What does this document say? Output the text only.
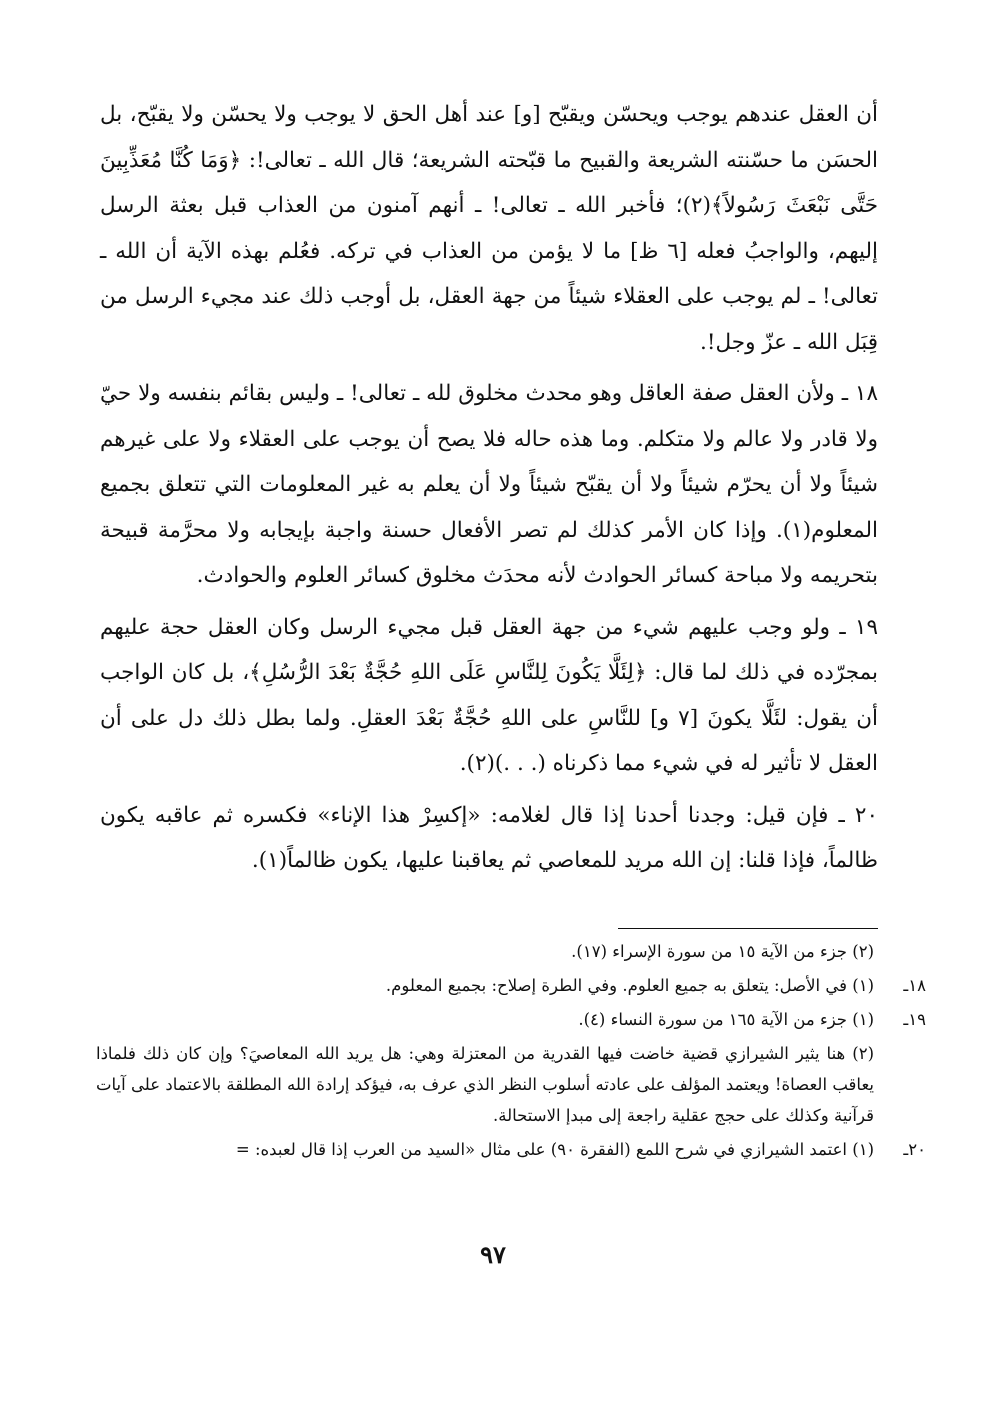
أن العقل عندهم يوجب ويحسّن ويقبّح [و] عند أهل الحق لا يوجب ولا يحسّن ولا يقبّح، بل الحسَن ما حسّنته الشريعة والقبيح ما قبّحته الشريعة؛ قال الله ـ تعالى!: ﴿وَمَا كُنَّا مُعَذِّبِينَ حَتَّى نَبْعَثَ رَسُولاً﴾(٢)؛ فأخبر الله ـ تعالى! ـ أنهم آمنون من العذاب قبل بعثة الرسل إليهم، والواجبُ فعله [٦ ظ] ما لا يؤمن من العذاب في تركه. فعُلم بهذه الآية أن الله ـ تعالى! ـ لم يوجب على العقلاء شيئاً من جهة العقل، بل أوجب ذلك عند مجيء الرسل من قِبَل الله ـ عزّ وجل!.

١٨ ـ ولأن العقل صفة العاقل وهو محدث مخلوق لله ـ تعالى! ـ وليس بقائم بنفسه ولا حيّ ولا قادر ولا عالم ولا متكلم. وما هذه حاله فلا يصح أن يوجب على العقلاء ولا على غيرهم شيئاً ولا أن يحرّم شيئاً ولا أن يقبّح شيئاً ولا أن يعلم به غير المعلومات التي تتعلق بجميع المعلوم(١). وإذا كان الأمر كذلك لم تصر الأفعال حسنة واجبة بإيجابه ولا محرَّمة قبيحة بتحريمه ولا مباحة كسائر الحوادث لأنه محدَث مخلوق كسائر العلوم والحوادث.

١٩ ـ ولو وجب عليهم شيء من جهة العقل قبل مجيء الرسل وكان العقل حجة عليهم بمجرّده في ذلك لما قال: ﴿لِئَلَّا يَكُونَ لِلنَّاسِ عَلَى اللهِ حُجَّةٌ بَعْدَ الرُّسُلِ﴾، بل كان الواجب أن يقول: لئَلَّا يكونَ [٧ و] للنَّاسِ على اللهِ حُجَّةٌ بَعْدَ العقلِ. ولما بطل ذلك دل على أن العقل لا تأثير له في شيء مما ذكرناه (. . .)(٢).

٢٠ ـ فإن قيل: وجدنا أحدنا إذا قال لغلامه: «إكسِرْ هذا الإناء» فكسره ثم عاقبه يكون ظالماً، فإذا قلنا: إن الله مريد للمعاصي ثم يعاقبنا عليها، يكون ظالماً(١).

(٢) جزء من الآية ١٥ من سورة الإسراء (١٧).
١٨ـ
(١) في الأصل: يتعلق به جميع العلوم. وفي الطرة إصلاح: بجميع المعلوم.
١٩ـ
(١) جزء من الآية ١٦٥ من سورة النساء (٤).
(٢) هنا يثير الشيرازي قضية خاضت فيها القدرية من المعتزلة وهي: هل يريد الله المعاصيَ؟ وإن كان ذلك فلماذا يعاقب العصاة! ويعتمد المؤلف على عادته أسلوب النظر الذي عرف به، فيؤكد إرادة الله المطلقة بالاعتماد على آيات قرآنية وكذلك على حجج عقلية راجعة إلى مبدإ الاستحالة.
٢٠ـ
(١) اعتمد الشيرازي في شرح اللمع (الفقرة ٩٠) على مثال «السيد من العرب إذا قال لعبده: =
٩٧
